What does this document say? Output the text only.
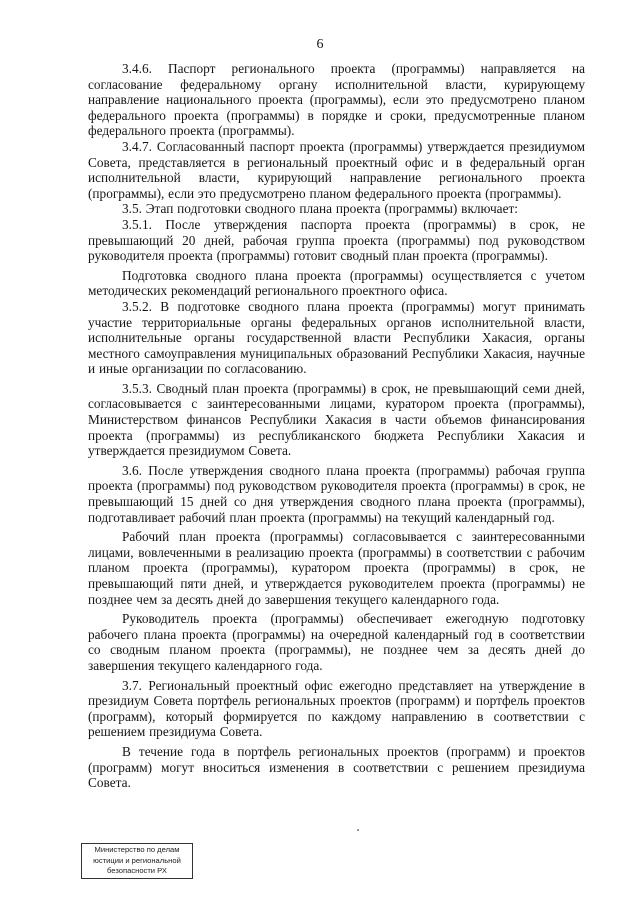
6

3.4.6. Паспорт регионального проекта (программы) направляется на согласование федеральному органу исполнительной власти, курирующему направление национального проекта (программы), если это предусмотрено планом федерального проекта (программы) в порядке и сроки, предусмотренные планом федерального проекта (программы).

3.4.7. Согласованный паспорт проекта (программы) утверждается президиумом Совета, представляется в региональный проектный офис и в федеральный орган исполнительной власти, курирующий направление регионального проекта (программы), если это предусмотрено планом федерального проекта (программы).

3.5. Этап подготовки сводного плана проекта (программы) включает:

3.5.1. После утверждения паспорта проекта (программы) в срок, не превышающий 20 дней, рабочая группа проекта (программы) под руководством руководителя проекта (программы) готовит сводный план проекта (программы).

Подготовка сводного плана проекта (программы) осуществляется с учетом методических рекомендаций регионального проектного офиса.

3.5.2. В подготовке сводного плана проекта (программы) могут принимать участие территориальные органы федеральных органов исполнительной власти, исполнительные органы государственной власти Республики Хакасия, органы местного самоуправления муниципальных образований Республики Хакасия, научные и иные организации по согласованию.

3.5.3. Сводный план проекта (программы) в срок, не превышающий семи дней, согласовывается с заинтересованными лицами, куратором проекта (программы), Министерством финансов Республики Хакасия в части объемов финансирования проекта (программы) из республиканского бюджета Республики Хакасия и утверждается президиумом Совета.

3.6. После утверждения сводного плана проекта (программы) рабочая группа проекта (программы) под руководством руководителя проекта (программы) в срок, не превышающий 15 дней со дня утверждения сводного плана проекта (программы), подготавливает рабочий план проекта (программы) на текущий календарный год.

Рабочий план проекта (программы) согласовывается с заинтересованными лицами, вовлеченными в реализацию проекта (программы) в соответствии с рабочим планом проекта (программы), куратором проекта (программы) в срок, не превышающий пяти дней, и утверждается руководителем проекта (программы) не позднее чем за десять дней до завершения текущего календарного года.

Руководитель проекта (программы) обеспечивает ежегодную подготовку рабочего плана проекта (программы) на очередной календарный год в соответствии со сводным планом проекта (программы), не позднее чем за десять дней до завершения текущего календарного года.

3.7. Региональный проектный офис ежегодно представляет на утверждение в президиум Совета портфель региональных проектов (программ) и портфель проектов (программ), который формируется по каждому направлению в соответствии с решением президиума Совета.

В течение года в портфель региональных проектов (программ) и проектов (программ) могут вноситься изменения в соответствии с решением президиума Совета.

Министерство по делам
юстиции и региональной
безопасности РХ
